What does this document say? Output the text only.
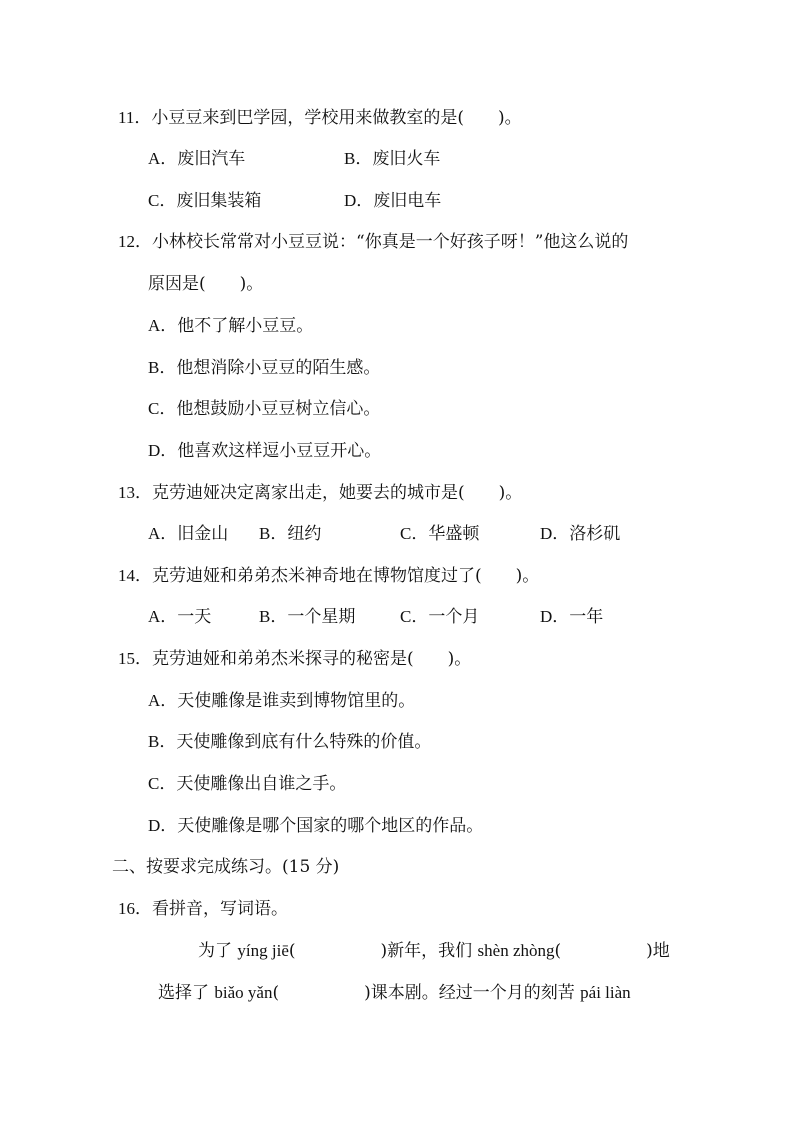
11．小豆豆来到巴学园，学校用来做教室的是(　　)。
A．废旧汽车	B．废旧火车
C．废旧集装箱	D．废旧电车
12．小林校长常常对小豆豆说：“你真是一个好孩子呀！”他这么说的
原因是(　　)。
A．他不了解小豆豆。
B．他想消除小豆豆的陌生感。
C．他想鼓励小豆豆树立信心。
D．他喜欢这样逗小豆豆开心。
13．克劳迪娅决定离家出走，她要去的城市是(　　)。
A．旧金山 B．纽约	C．华盛顿	D．洛杉矶
14．克劳迪娅和弟弟杰米神奇地在博物馆度过了(　　)。
A．一天	B．一个星期	C．一个月	D．一年
15．克劳迪娅和弟弟杰米探寻的秘密是(　　)。
A．天使雕像是谁卖到博物馆里的。
B．天使雕像到底有什么特殊的价值。
C．天使雕像出自谁之手。
D．天使雕像是哪个国家的哪个地区的作品。
二、按要求完成练习。(15 分)
16．看拼音，写词语。
为了 yíng jiē(　　　　　)新年，我们 shèn zhòng(　　　　　)地
选择了 biǎo yǎn(　　　　　)课本剧。经过一个月的刻苦 pái liàn
